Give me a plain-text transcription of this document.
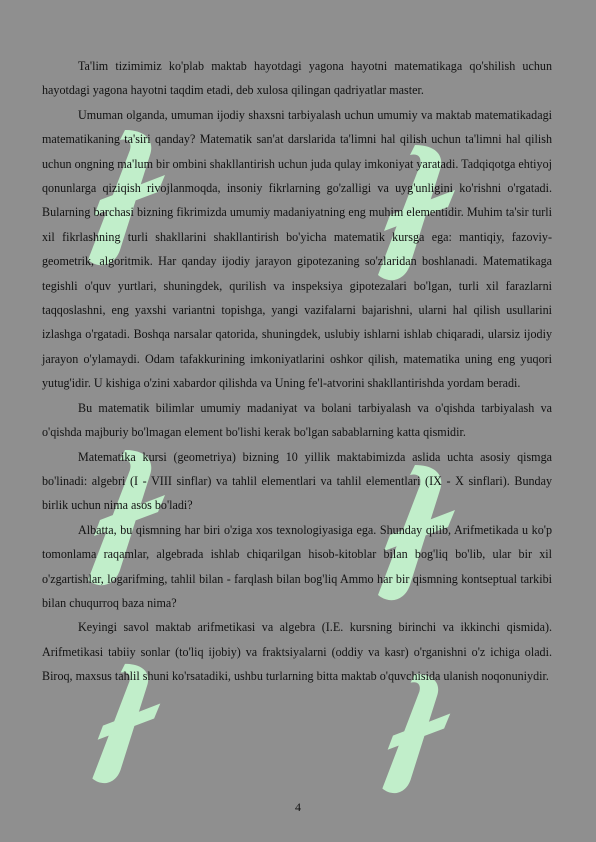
Ta'lim tizimimiz ko'plab maktab hayotdagi yagona hayotni matematikaga qo'shilish uchun hayotdagi yagona hayotni taqdim etadi, deb xulosa qilingan qadriyatlar master.

Umuman olganda, umuman ijodiy shaxsni tarbiyalash uchun umumiy va maktab matematikadagi matematikaning ta'siri qanday? Matematik san'at darslarida ta'limni hal qilish uchun ta'limni hal qilish uchun ongning ma'lum bir ombini shakllantirish uchun juda qulay imkoniyat yaratadi. Tadqiqotga ehtiyoj qonunlarga qiziqish rivojlanmoqda, insoniy fikrlarning go'zalligi va uyg'unligini ko'rishni o'rgatadi. Bularning barchasi bizning fikrimizda umumiy madaniyatning eng muhim elementidir. Muhim ta'sir turli xil fikrlashning turli shakllarini shakllantirish bo'yicha matematik kursga ega: mantiqiy, fazoviy-geometrik, algoritmik. Har qanday ijodiy jarayon gipotezaning so'zlaridan boshlanadi. Matematikaga tegishli o'quv yurtlari, shuningdek, qurilish va inspeksiya gipotezalari bo'lgan, turli xil farazlarni taqqoslashni, eng yaxshi variantni topishga, yangi vazifalarni bajarishni, ularni hal qilish usullarini izlashga o'rgatadi. Boshqa narsalar qatorida, shuningdek, uslubiy ishlarni ishlab chiqaradi, ularsiz ijodiy jarayon o'ylamaydi. Odam tafakkurining imkoniyatlarini oshkor qilish, matematika uning eng yuqori yutug'idir. U kishiga o'zini xabardor qilishda va Uning fe'l-atvorini shakllantirishda yordam beradi.

Bu matematik bilimlar umumiy madaniyat va bolani tarbiyalash va o'qishda tarbiyalash va o'qishda majburiy bo'lmagan element bo'lishi kerak bo'lgan sabablarning katta qismidir.

Matematika kursi (geometriya) bizning 10 yillik maktabimizda aslida uchta asosiy qismga bo'linadi: algebri (I - VIII sinflar) va tahlil elementlari va tahlil elementlari (IX - X sinflari). Bunday birlik uchun nima asos bo'ladi?

Albatta, bu qismning har biri o'ziga xos texnologiyasiga ega. Shunday qilib, Arifmetikada u ko'p tomonlama raqamlar, algebrada ishlab chiqarilgan hisob-kitoblar bilan bog'liq bo'lib, ular bir xil o'zgartishlar, logarifming, tahlil bilan - farqlash bilan bog'liq Ammo har bir qismning kontseptual tarkibi bilan chuqurroq baza nima?

Keyingi savol maktab arifmetikasi va algebra (I.E. kursning birinchi va ikkinchi qismida). Arifmetikasi tabiiy sonlar (to'liq ijobiy) va fraktsiyalarni (oddiy va kasr) o'rganishni o'z ichiga oladi. Biroq, maxsus tahlil shuni ko'rsatadiki, ushbu turlarning bitta maktab o'quvchisida ulanish noqonuniydir.

4
